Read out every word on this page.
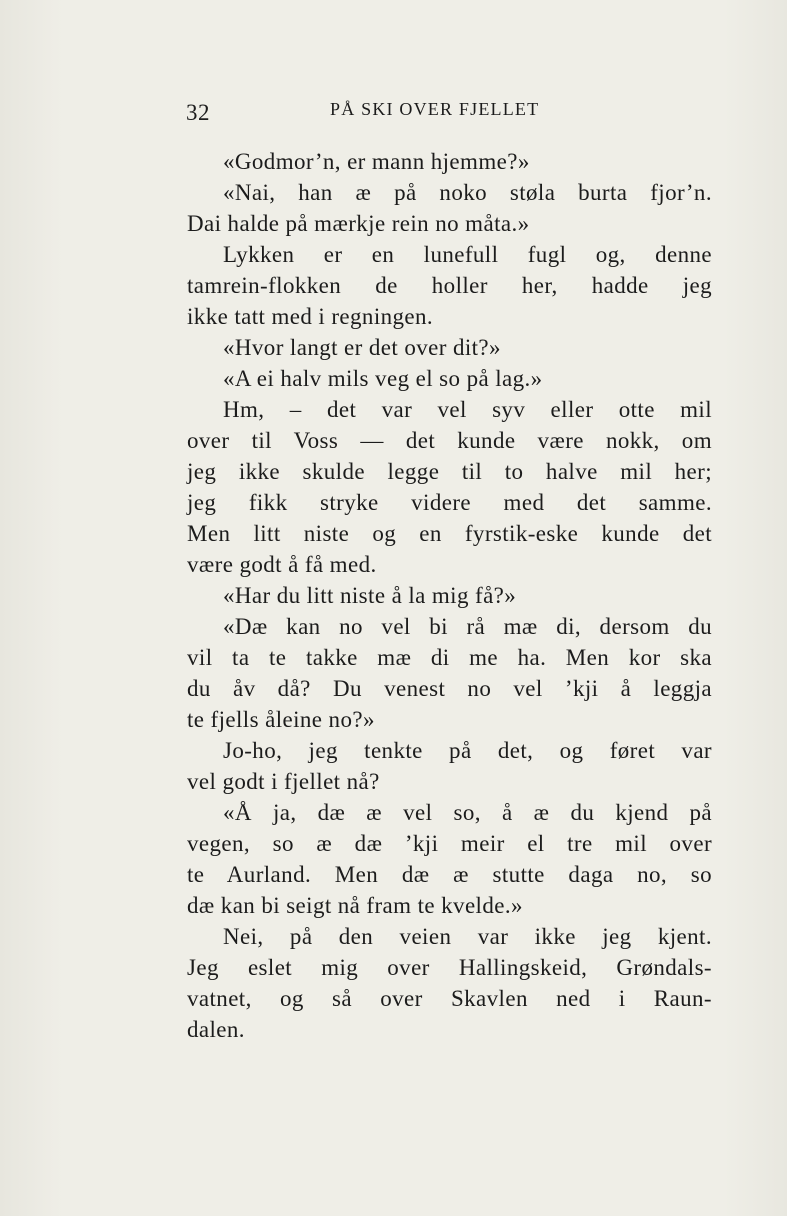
32	PÅ SKI OVER FJELLET
«Godmor’n, er mann hjemme?»
«Nai, han æ på noko støla burta fjor’n.
Dai halde på mærkje rein no måta.»
Lykken er en lunefull fugl og, denne
tamrein-flokken de holler her, hadde jeg
ikke tatt med i regningen.
«Hvor langt er det over dit?»
«A ei halv mils veg el so på lag.»
Hm, – det var vel syv eller otte mil
over til Voss — det kunde være nokk, om
jeg ikke skulde legge til to halve mil her;
jeg fikk stryke videre med det samme.
Men litt niste og en fyrstik-eske kunde det
være godt å få med.
«Har du litt niste å la mig få?»
«Dæ kan no vel bi rå mæ di, dersom du
vil ta te takke mæ di me ha. Men kor ska
du åv då? Du venest no vel ’kji å leggja
te fjells åleine no?»
Jo-ho, jeg tenkte på det, og føret var
vel godt i fjellet nå?
«Å ja, dæ æ vel so, å æ du kjend på
vegen, so æ dæ ’kji meir el tre mil over
te Aurland. Men dæ æ stutte daga no, so
dæ kan bi seigt nå fram te kvelde.»
Nei, på den veien var ikke jeg kjent.
Jeg eslet mig over Hallingskeid, Grøndals-
vatnet, og så over Skavlen ned i Raun-
dalen.
